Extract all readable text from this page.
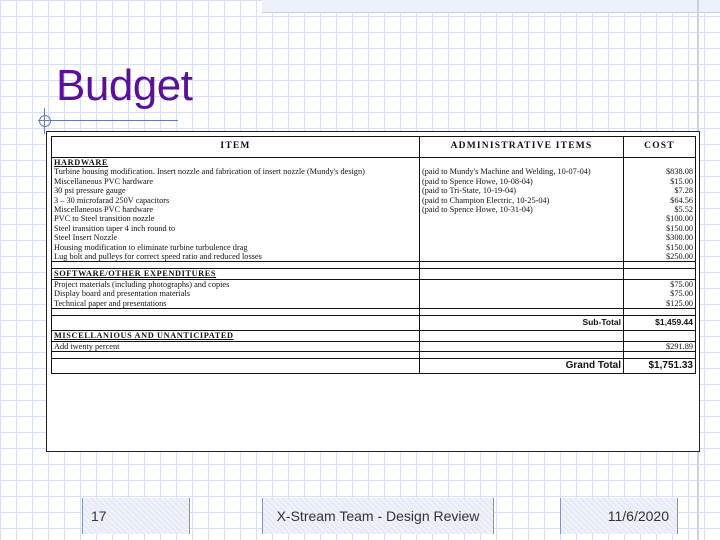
Budget
ITEM	ADMINISTRATIVE ITEMS	COST
HARDWARE		
Turbine housing modification. Insert nozzle and fabrication of insert nozzle (Mundy's design)	(paid to Mundy's Machine and Welding, 10-07-04)	$838.08
Miscellaneous PVC hardware	(paid to Spence Howe, 10-08-04)	$15.00
30 psi pressure gauge	(paid to Tri-State, 10-19-04)	$7.28
3 – 30 microfarad 250V capacitors	(paid to Champion Electric, 10-25-04)	$64.56
Miscellaneous PVC hardware	(paid to Spence Howe, 10-31-04)	$5.52
PVC to Steel transition nozzle		$100.00
Steel transition taper 4 inch round to		$150.00
Steel Insert Nozzle		$300.00
Housing modification to eliminate turbine turbulence drag		$150.00
Lug bolt and pulleys for correct speed ratio and reduced losses		$250.00

SOFTWARE/OTHER EXPENDITURES		
Project materials (including photographs) and copies		$75.00
Display board and presentation materials		$75.00
Technical paper and presentations		$125.00

	Sub-Total	$1,459.44
MISCELLANIOUS AND UNANTICIPATED		
Add twenty percent		$291.89

	Grand Total	$1,751.33
17	X-Stream Team - Design Review	11/6/2020
